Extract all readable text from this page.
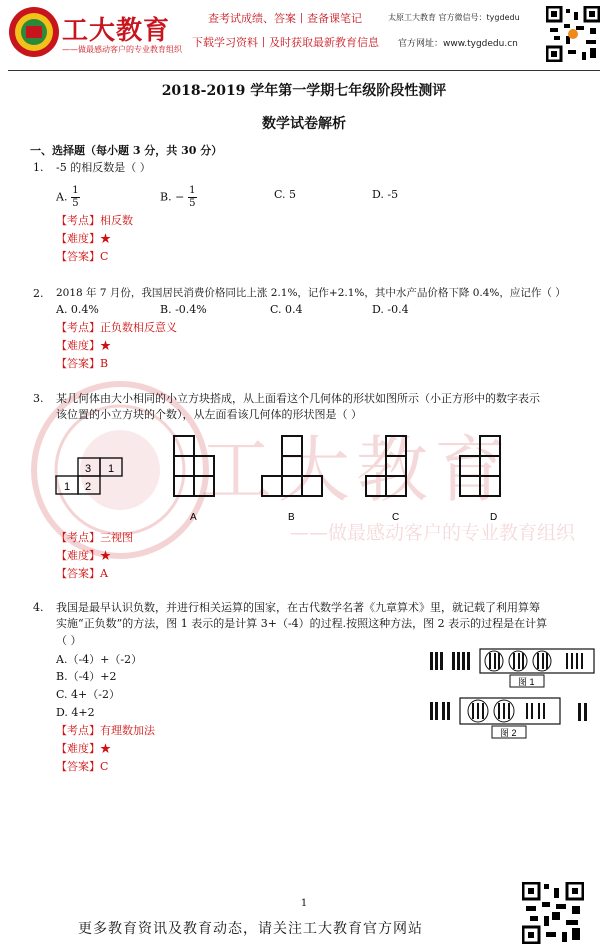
工大教育
——做最感动客户的专业教育组织
查考试成绩、答案丨查备课笔记
下载学习资料丨及时获取最新教育信息
太原工大教育 官方微信号：tygdedu
官方网址：www.tygdedu.cn
工大教育
——做最感动客户的专业教育组织
2018-2019 学年第一学期七年级阶段性测评
数学试卷解析
一、选择题（每小题 3 分，共 30 分）
1. -5 的相反数是（ ）
A. $\frac{1}{5}$	B. − $\frac{1}{5}$	C. 5	D. -5
【考点】相反数
【难度】★
【答案】C
2. 2018 年 7 月份，我国居民消费价格同比上涨 2.1%，记作+2.1%，其中水产品价格下降 0.4%，应记作（ ）
A. 0.4%	B. -0.4%	C. 0.4	D. -0.4
【考点】正负数相反意义
【难度】★
【答案】B
3. 某几何体由大小相同的小立方块搭成，从上面看这个几何体的形状如图所示（小正方形中的数字表示
该位置的小立方块的个数），从左面看该几何体的形状图是（ ）
3 1
1 2
A	B	C	D
【考点】三视图
【难度】★
【答案】A
4. 我国是最早认识负数，并进行相关运算的国家，在古代数学名著《九章算术》里，就记载了利用算筹
实施“正负数”的方法，图 1 表示的是计算 3+（-4）的过程.按照这种方法，图 2 表示的过程是在计算
（ ）
A.（-4）+（-2）
B.（-4）+2
C. 4+（-2）
D. 4+2
图 1
图 2
【考点】有理数加法
【难度】★
【答案】C
1
更多教育资讯及教育动态，请关注工大教育官方网站
